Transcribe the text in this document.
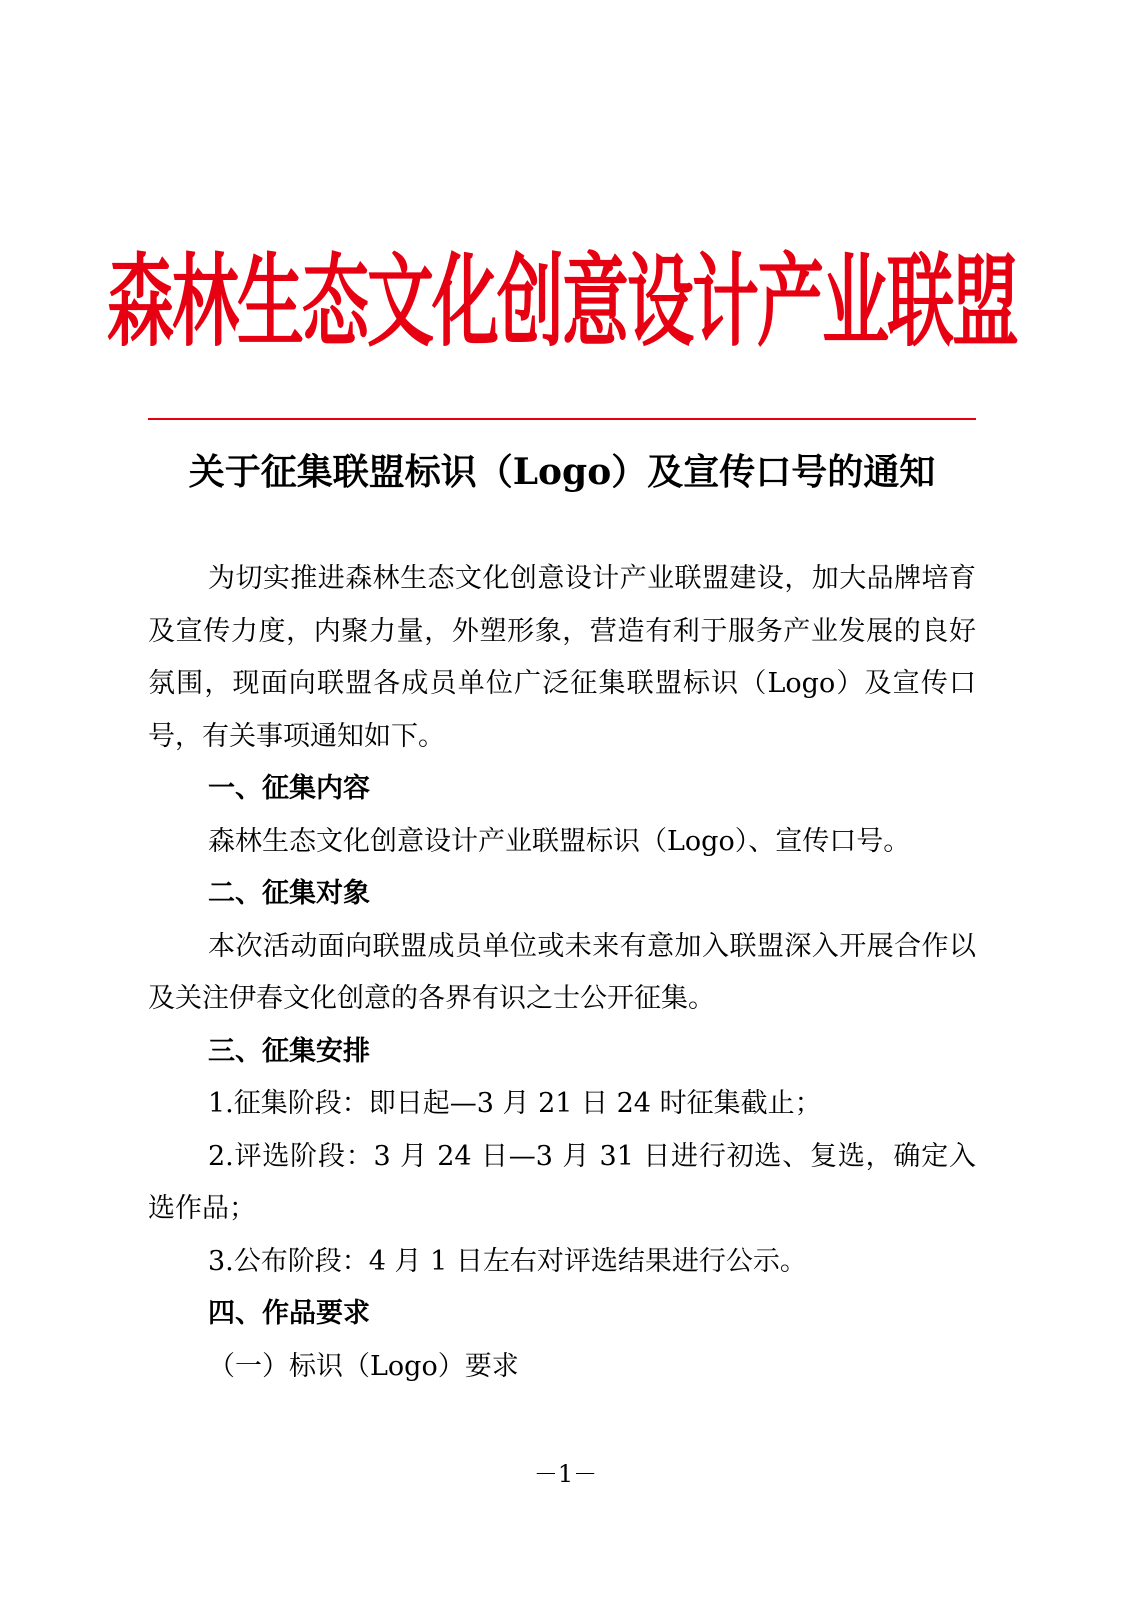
森林生态文化创意设计产业联盟
关于征集联盟标识（Logo）及宣传口号的通知

为切实推进森林生态文化创意设计产业联盟建设，加大品牌培育及宣传力度，内聚力量，外塑形象，营造有利于服务产业发展的良好氛围，现面向联盟各成员单位广泛征集联盟标识（Logo）及宣传口号，有关事项通知如下。

一、征集内容

森林生态文化创意设计产业联盟标识（Logo）、宣传口号。

二、征集对象

本次活动面向联盟成员单位或未来有意加入联盟深入开展合作以及关注伊春文化创意的各界有识之士公开征集。

三、征集安排

1.征集阶段：即日起—3 月 21 日 24 时征集截止；

2.评选阶段：3 月 24 日—3 月 31 日进行初选、复选，确定入选作品；

3.公布阶段：4 月 1 日左右对评选结果进行公示。

四、作品要求
（一）标识（Logo）要求
－1－
